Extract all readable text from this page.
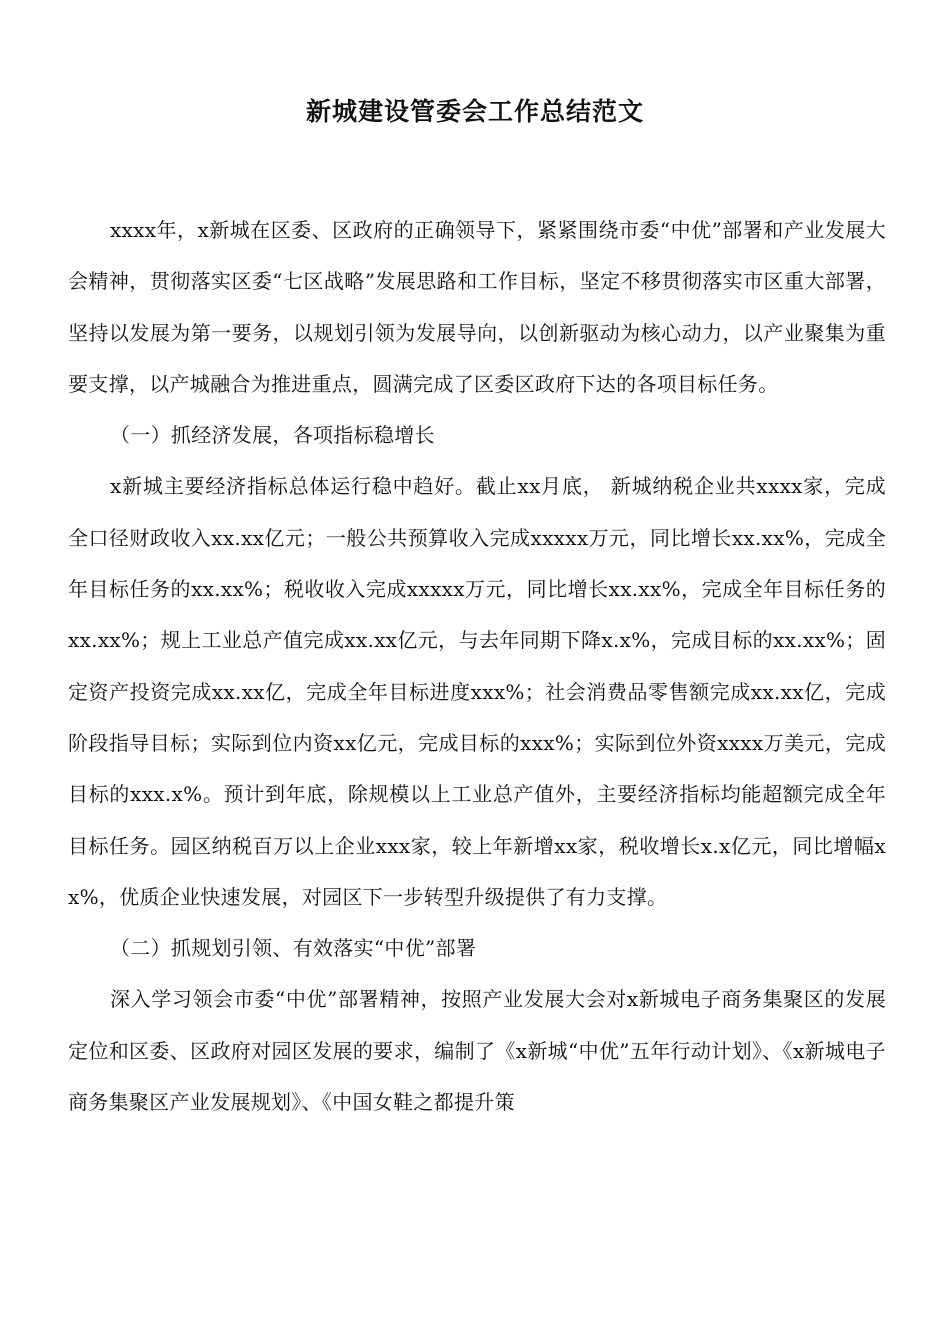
新城建设管委会工作总结范文

xxxx年，x新城在区委、区政府的正确领导下，紧紧围绕市委“中优”部署和产业发展大会精神，贯彻落实区委“七区战略”发展思路和工作目标，坚定不移贯彻落实市区重大部署，坚持以发展为第一要务，以规划引领为发展导向，以创新驱动为核心动力，以产业聚集为重要支撑，以产城融合为推进重点，圆满完成了区委区政府下达的各项目标任务。

（一）抓经济发展，各项指标稳增长

x新城主要经济指标总体运行稳中趋好。截止xx月底， 新城纳税企业共xxxx家，完成全口径财政收入xx.xx亿元；一般公共预算收入完成xxxxx万元，同比增长xx.xx%，完成全年目标任务的xx.xx%；税收收入完成xxxxx万元，同比增长xx.xx%，完成全年目标任务的xx.xx%；规上工业总产值完成xx.xx亿元，与去年同期下降x.x%，完成目标的xx.xx%；固定资产投资完成xx.xx亿，完成全年目标进度xxx%；社会消费品零售额完成xx.xx亿，完成阶段指导目标；实际到位内资xx亿元，完成目标的xxx%；实际到位外资xxxx万美元，完成目标的xxx.x%。预计到年底，除规模以上工业总产值外，主要经济指标均能超额完成全年目标任务。园区纳税百万以上企业xxx家，较上年新增xx家，税收增长x.x亿元，同比增幅xx%，优质企业快速发展，对园区下一步转型升级提供了有力支撑。

（二）抓规划引领、有效落实“中优”部署

深入学习领会市委“中优”部署精神，按照产业发展大会对x新城电子商务集聚区的发展定位和区委、区政府对园区发展的要求，编制了《x新城“中优”五年行动计划》、《x新城电子商务集聚区产业发展规划》、《中国女鞋之都提升策
